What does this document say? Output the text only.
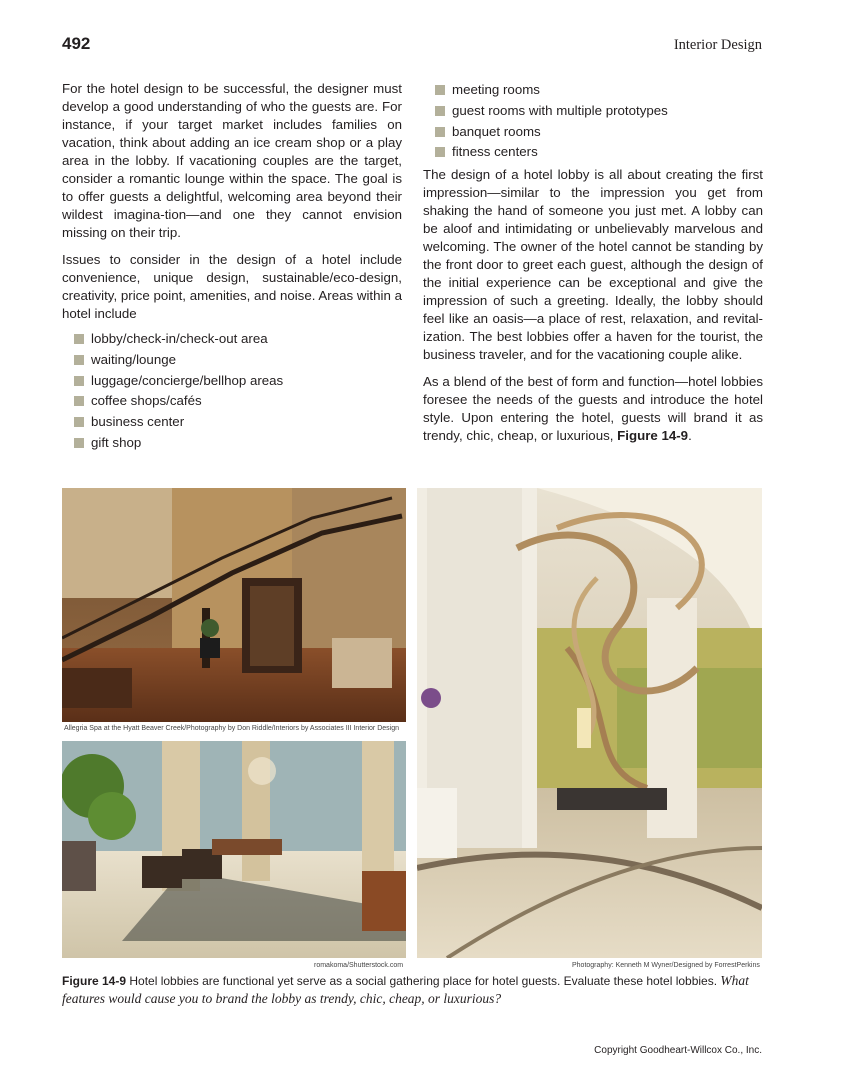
492	Interior Design

For the hotel design to be successful, the designer must develop a good understanding of who the guests are. For instance, if your target market includes families on vacation, think about adding an ice cream shop or a play area in the lobby. If vacationing couples are the target, consider a romantic lounge within the space. The goal is to offer guests a delightful, welcoming area beyond their wildest imagina-tion—and one they cannot envision missing on their trip.

Issues to consider in the design of a hotel include convenience, unique design, sustainable/eco-design, creativity, price point, amenities, and noise. Areas within a hotel include

lobby/check-in/check-out area
waiting/lounge
luggage/concierge/bellhop areas
coffee shops/cafés
business center
gift shop
meeting rooms
guest rooms with multiple prototypes
banquet rooms
fitness centers

The design of a hotel lobby is all about creating the first impression—similar to the impression you get from shaking the hand of someone you just met. A lobby can be aloof and intimidating or unbelievably marvelous and welcoming. The owner of the hotel cannot be standing by the front door to greet each guest, although the design of the initial experience can be exceptional and give the impression of such a greeting. Ideally, the lobby should feel like an oasis—a place of rest, relaxation, and revital-ization. The best lobbies offer a haven for the tourist, the business traveler, and for the vacationing couple alike.

As a blend of the best of form and function—hotel lobbies foresee the needs of the guests and introduce the hotel style. Upon entering the hotel, guests will brand it as trendy, chic, cheap, or luxurious, Figure 14-9.

Allegria Spa at the Hyatt Beaver Creek/Photography by Don Riddle/Interiors by Associates III Interior Design
romakoma/Shutterstock.com	Photography: Kenneth M Wyner/Designed by ForrestPerkins

Figure 14-9 Hotel lobbies are functional yet serve as a social gathering place for hotel guests. Evaluate these hotel lobbies. What features would cause you to brand the lobby as trendy, chic, cheap, or luxurious?

Copyright Goodheart-Willcox Co., Inc.
